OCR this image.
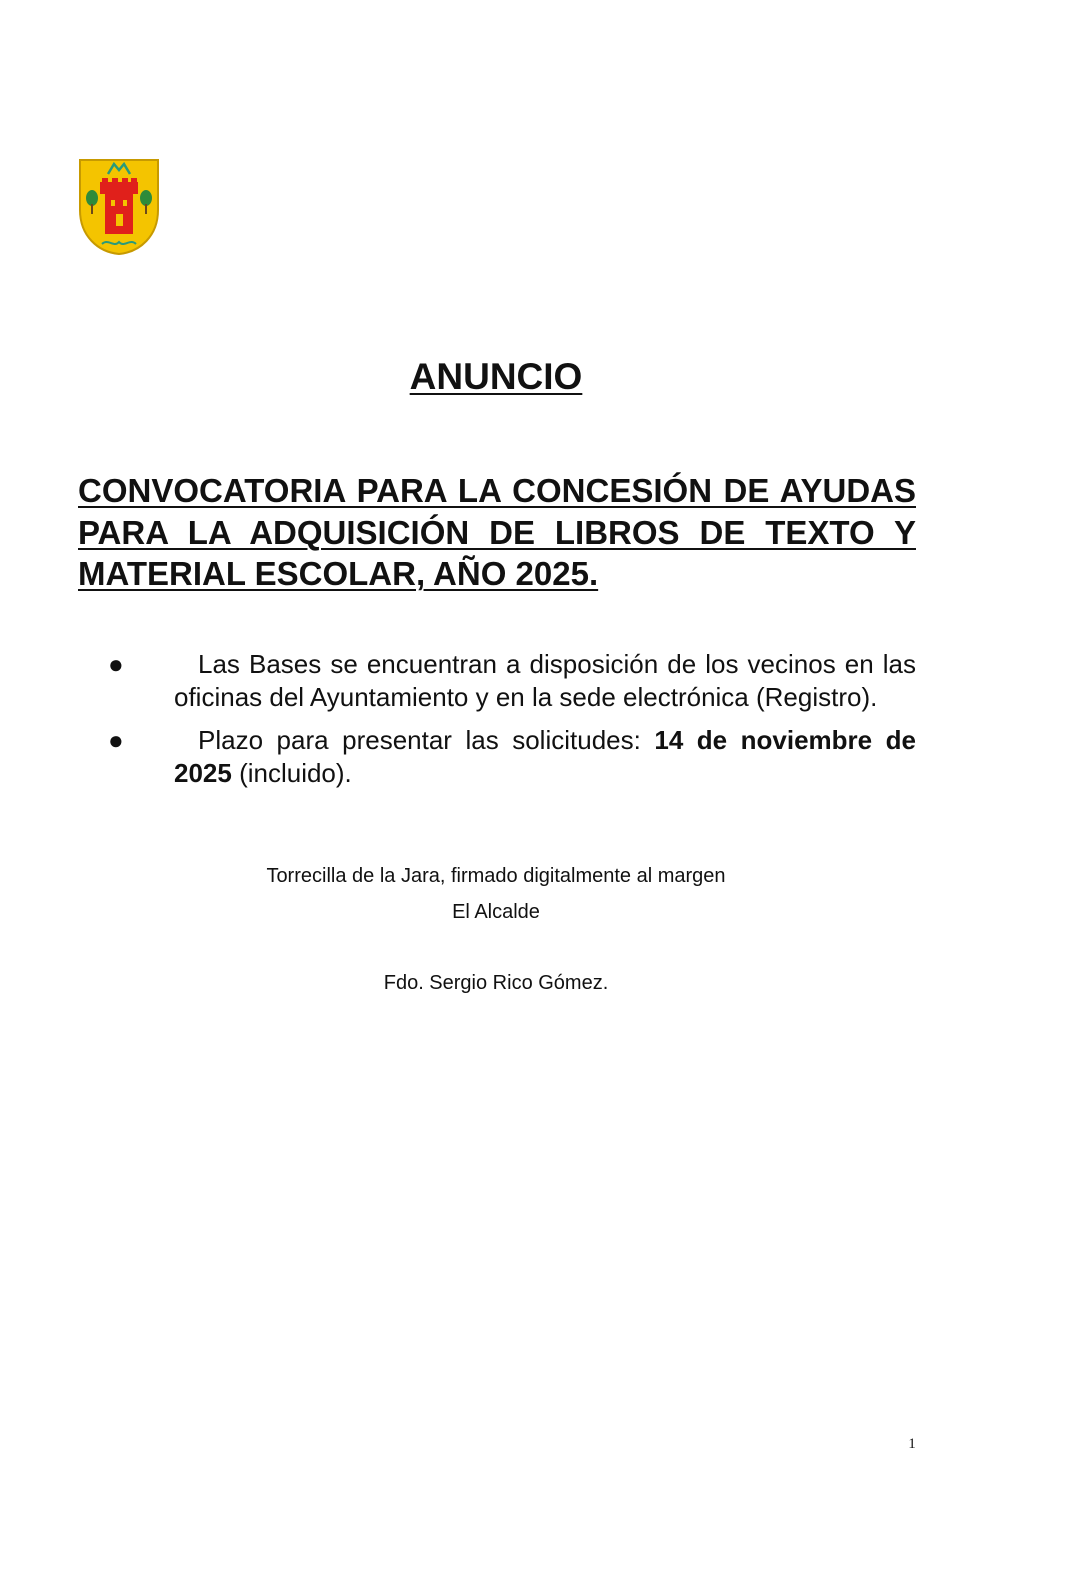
ANUNCIO
CONVOCATORIA PARA LA CONCESIÓN DE AYUDAS PARA LA ADQUISICIÓN DE LIBROS DE TEXTO Y MATERIAL ESCOLAR, AÑO 2025.
●	Las Bases se encuentran a disposición de los vecinos en las oficinas del Ayuntamiento y en la sede electrónica (Registro).
●	Plazo para presentar las solicitudes: 14 de noviembre de 2025 (incluido).
Torrecilla de la Jara, firmado digitalmente al margen
El Alcalde
Fdo. Sergio Rico Gómez.
1
